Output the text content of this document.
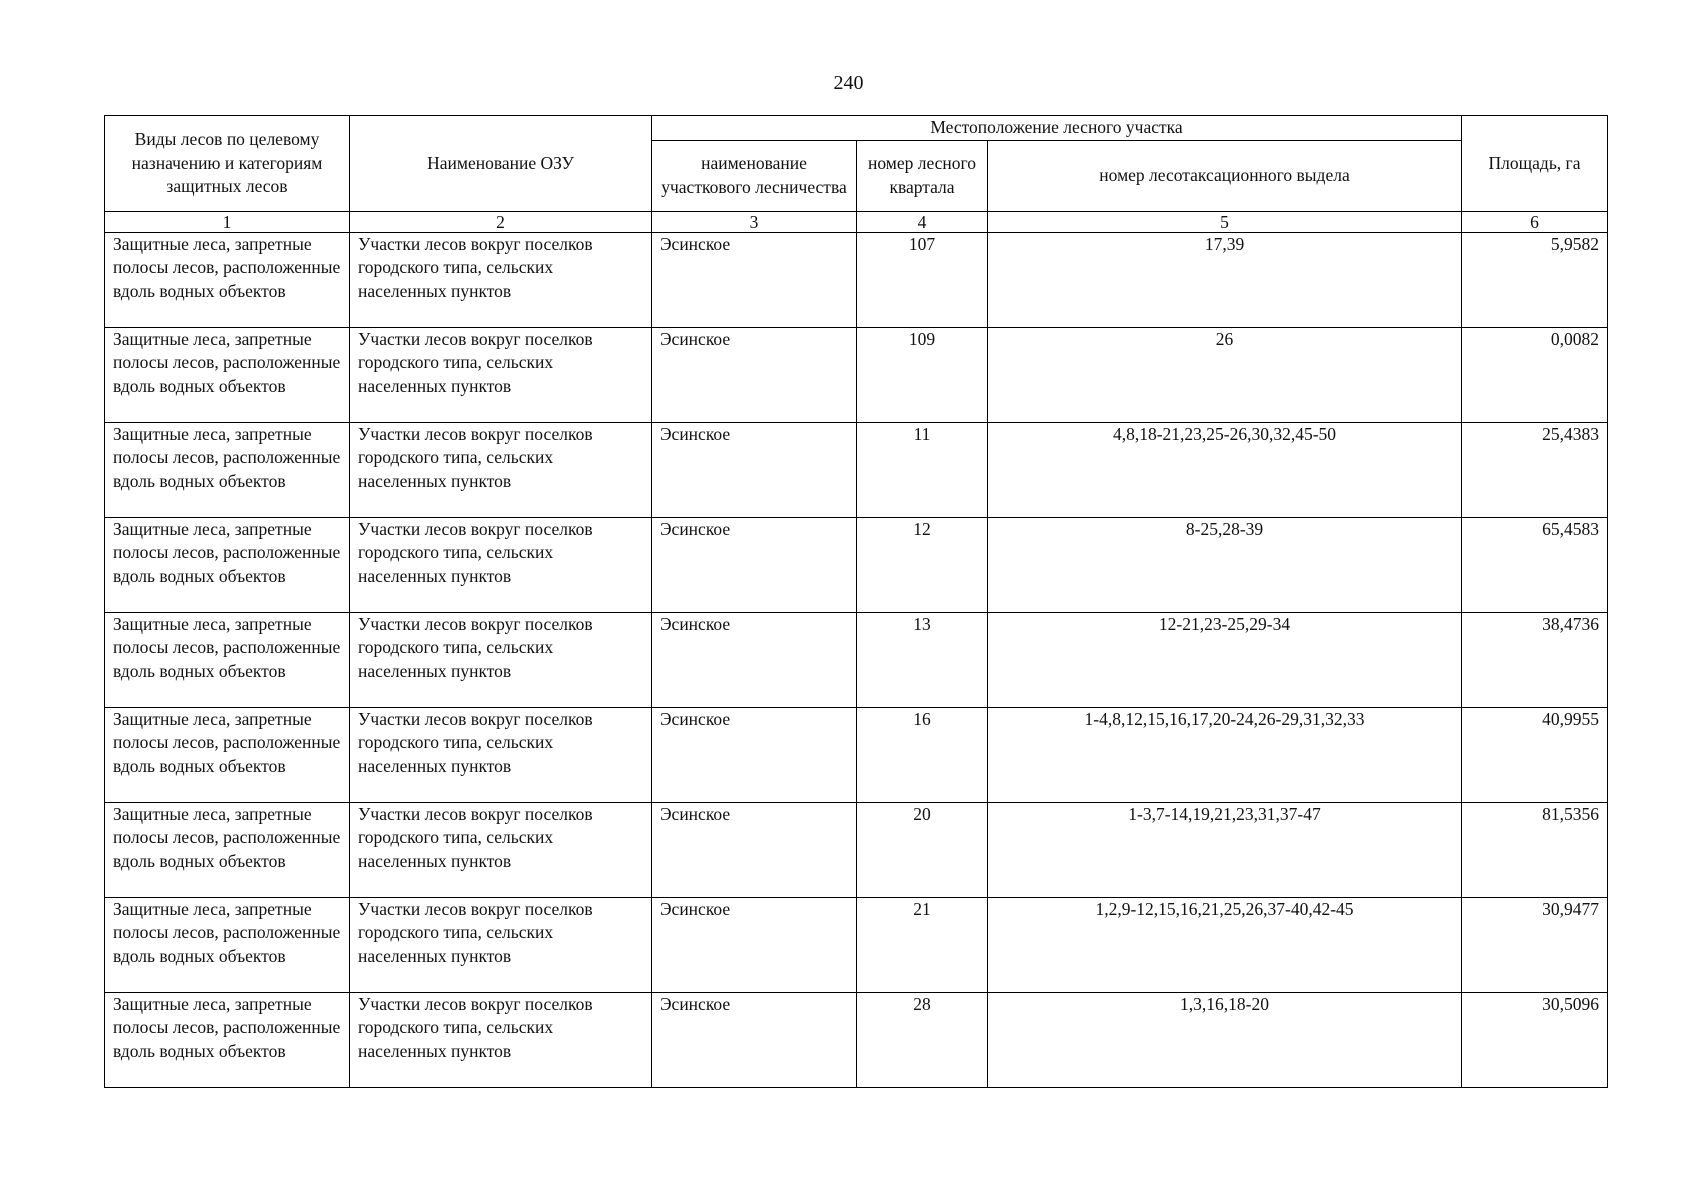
240
Виды лесов по целевому назначению и категориям защитных лесов	Наименование ОЗУ	Местоположение лесного участка			Площадь, га
		наименование участкового лесничества	номер лесного квартала	номер лесотаксационного выдела	
1	2	3	4	5	6
Защитные леса, запретные полосы лесов, расположенные вдоль водных объектов	Участки лесов вокруг поселков городского типа, сельских населенных пунктов	Эсинское	107	17,39	5,9582
Защитные леса, запретные полосы лесов, расположенные вдоль водных объектов	Участки лесов вокруг поселков городского типа, сельских населенных пунктов	Эсинское	109	26	0,0082
Защитные леса, запретные полосы лесов, расположенные вдоль водных объектов	Участки лесов вокруг поселков городского типа, сельских населенных пунктов	Эсинское	11	4,8,18-21,23,25-26,30,32,45-50	25,4383
Защитные леса, запретные полосы лесов, расположенные вдоль водных объектов	Участки лесов вокруг поселков городского типа, сельских населенных пунктов	Эсинское	12	8-25,28-39	65,4583
Защитные леса, запретные полосы лесов, расположенные вдоль водных объектов	Участки лесов вокруг поселков городского типа, сельских населенных пунктов	Эсинское	13	12-21,23-25,29-34	38,4736
Защитные леса, запретные полосы лесов, расположенные вдоль водных объектов	Участки лесов вокруг поселков городского типа, сельских населенных пунктов	Эсинское	16	1-4,8,12,15,16,17,20-24,26-29,31,32,33	40,9955
Защитные леса, запретные полосы лесов, расположенные вдоль водных объектов	Участки лесов вокруг поселков городского типа, сельских населенных пунктов	Эсинское	20	1-3,7-14,19,21,23,31,37-47	81,5356
Защитные леса, запретные полосы лесов, расположенные вдоль водных объектов	Участки лесов вокруг поселков городского типа, сельских населенных пунктов	Эсинское	21	1,2,9-12,15,16,21,25,26,37-40,42-45	30,9477
Защитные леса, запретные полосы лесов, расположенные вдоль водных объектов	Участки лесов вокруг поселков городского типа, сельских населенных пунктов	Эсинское	28	1,3,16,18-20	30,5096
